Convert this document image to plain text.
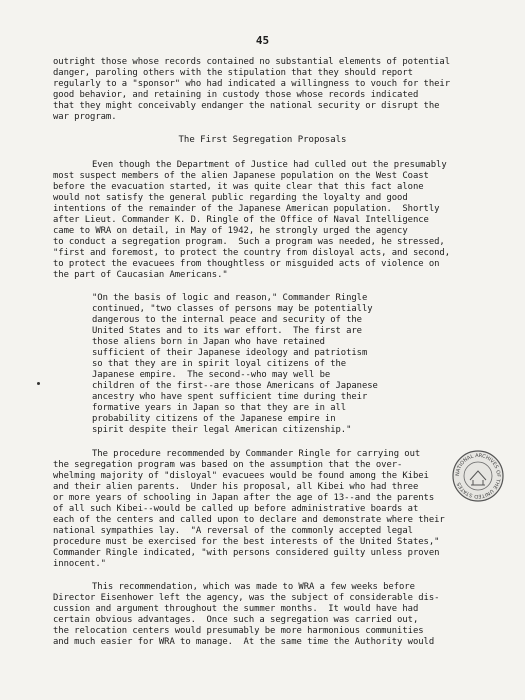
45
The First Segregation Proposals

outright those whose records contained no substantial elements of potential

danger, paroling others with the stipulation that they should report

regularly to a "sponsor" who had indicated a willingness to vouch for their

good behavior, and retaining in custody those whose records indicated

that they might conceivably endanger the national security or disrupt the

war program.

Even though the Department of Justice had culled out the presumably

most suspect members of the alien Japanese population on the West Coast

before the evacuation started, it was quite clear that this fact alone

would not satisfy the general public regarding the loyalty and good

intentions of the remainder of the Japanese American population.  Shortly

after Lieut. Commander K. D. Ringle of the Office of Naval Intelligence

came to WRA on detail, in May of 1942, he strongly urged the agency

to conduct a segregation program.  Such a program was needed, he stressed,

"first and foremost, to protect the country from disloyal acts, and second,

to protect the evacuees from thoughtless or misguided acts of violence on

the part of Caucasian Americans."

"On the basis of logic and reason," Commander Ringle

continued, "two classes of persons may be potentially

dangerous to the internal peace and security of the

United States and to its war effort.  The first are

those aliens born in Japan who have retained

sufficient of their Japanese ideology and patriotism

so that they are in spirit loyal citizens of the

Japanese empire.  The second--who may well be

children of the first--are those Americans of Japanese

ancestry who have spent sufficient time during their

formative years in Japan so that they are in all

probability citizens of the Japanese empire in

spirit despite their legal American citizenship."

The procedure recommended by Commander Ringle for carrying out

the segregation program was based on the assumption that the over-

whelming majority of "disloyal" evacuees would be found among the Kibei

and their alien parents.  Under his proposal, all Kibei who had three

or more years of schooling in Japan after the age of 13--and the parents

of all such Kibei--would be called up before administrative boards at

each of the centers and called upon to declare and demonstrate where their

national sympathies lay.  "A reversal of the commonly accepted legal

procedure must be exercised for the best interests of the United States,"

Commander Ringle indicated, "with persons considered guilty unless proven

innocent."

This recommendation, which was made to WRA a few weeks before

Director Eisenhower left the agency, was the subject of considerable dis-

cussion and argument throughout the summer months.  It would have had

certain obvious advantages.  Once such a segregation was carried out,

the relocation centers would presumably be more harmonious communities

and much easier for WRA to manage.  At the same time the Authority would

NATIONAL ARCHIVES OF THE UNITED STATES
